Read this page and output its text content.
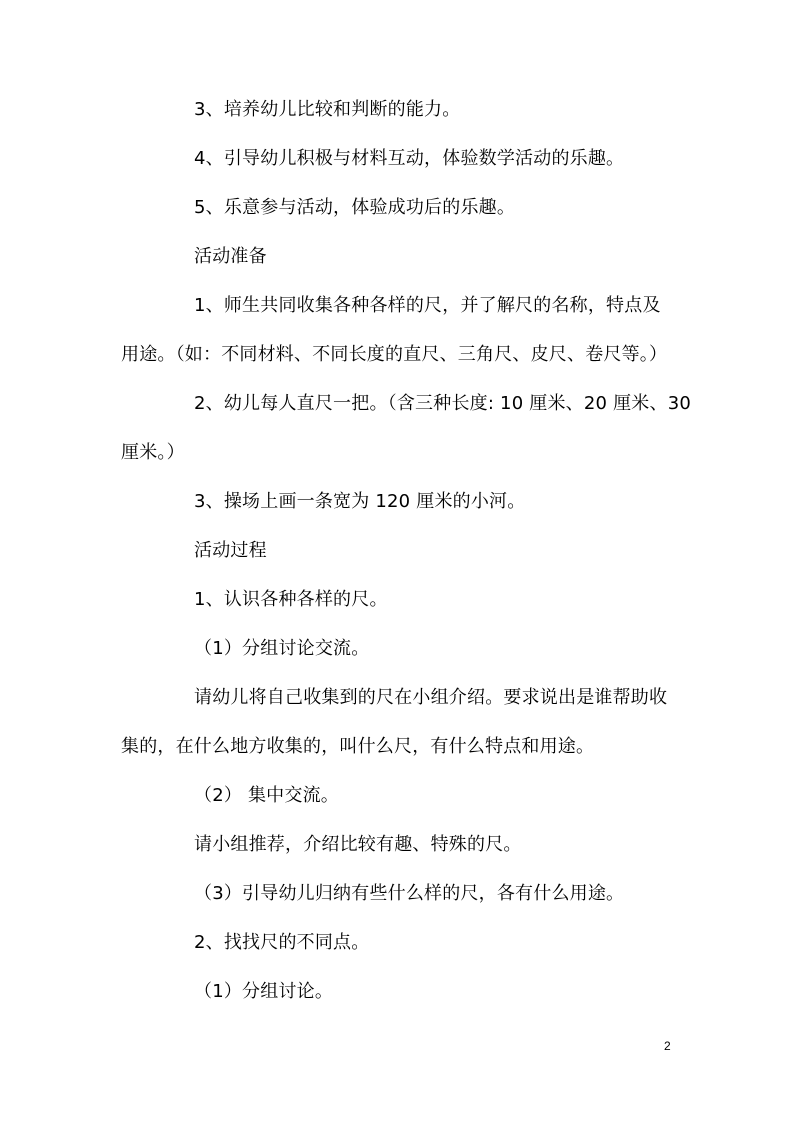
3、培养幼儿比较和判断的能力。
4、引导幼儿积极与材料互动，体验数学活动的乐趣。
5、乐意参与活动，体验成功后的乐趣。
活动准备
1、师生共同收集各种各样的尺，并了解尺的名称，特点及
用途。（如：不同材料、不同长度的直尺、三角尺、皮尺、卷尺等。）
2、幼儿每人直尺一把。（含三种长度: 10 厘米、20 厘米、30
厘米。）
3、操场上画一条宽为 120 厘米的小河。
活动过程
1、认识各种各样的尺。
（1）分组讨论交流。
请幼儿将自己收集到的尺在小组介绍。要求说出是谁帮助收
集的，在什么地方收集的，叫什么尺，有什么特点和用途。
（2） 集中交流。
请小组推荐，介绍比较有趣、特殊的尺。
（3）引导幼儿归纳有些什么样的尺，各有什么用途。
2、找找尺的不同点。
（1）分组讨论。
2
